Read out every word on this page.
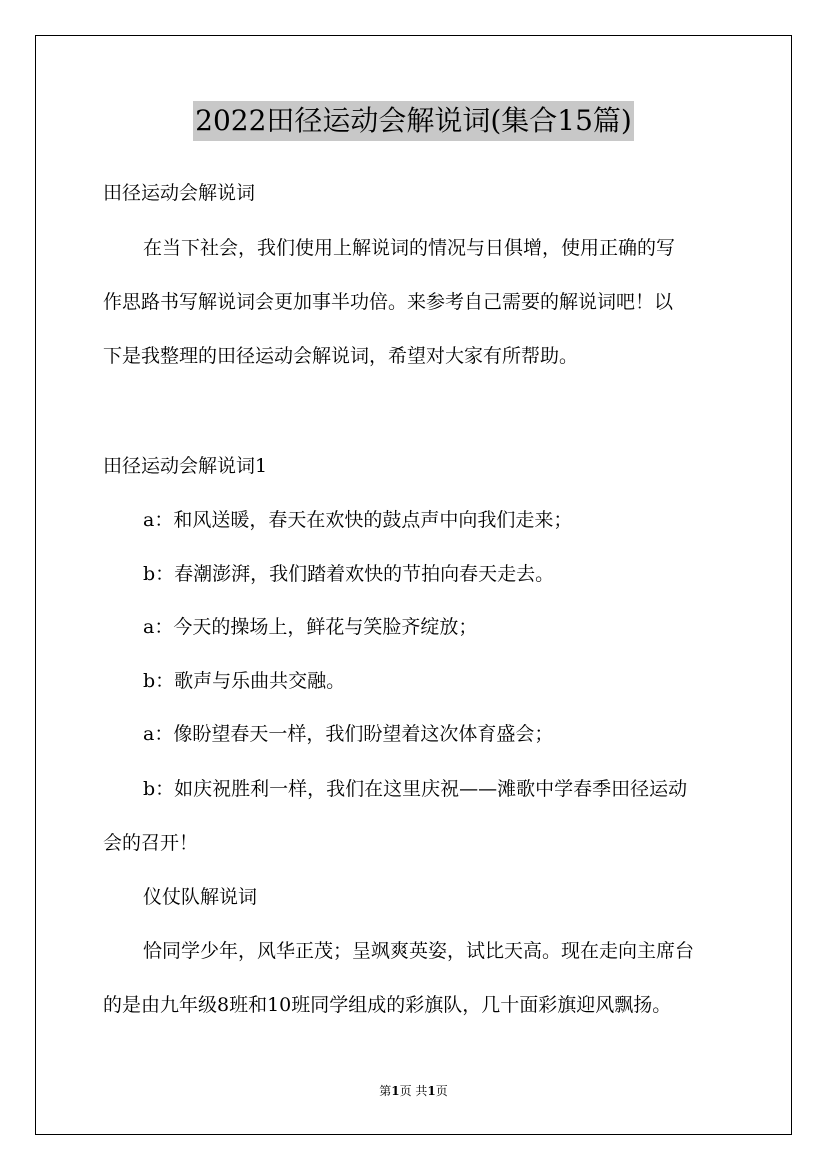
2022田径运动会解说词(集合15篇)
田径运动会解说词
在当下社会，我们使用上解说词的情况与日俱增，使用正确的写
作思路书写解说词会更加事半功倍。来参考自己需要的解说词吧！以
下是我整理的田径运动会解说词，希望对大家有所帮助。
田径运动会解说词1
a：和风送暖，春天在欢快的鼓点声中向我们走来；
b：春潮澎湃，我们踏着欢快的节拍向春天走去。
a：今天的操场上，鲜花与笑脸齐绽放；
b：歌声与乐曲共交融。
a：像盼望春天一样，我们盼望着这次体育盛会；
b：如庆祝胜利一样，我们在这里庆祝——滩歌中学春季田径运动
会的召开！
仪仗队解说词
恰同学少年，风华正茂；呈飒爽英姿，试比天高。现在走向主席台
的是由九年级8班和10班同学组成的彩旗队，几十面彩旗迎风飘扬。
第1页 共1页
